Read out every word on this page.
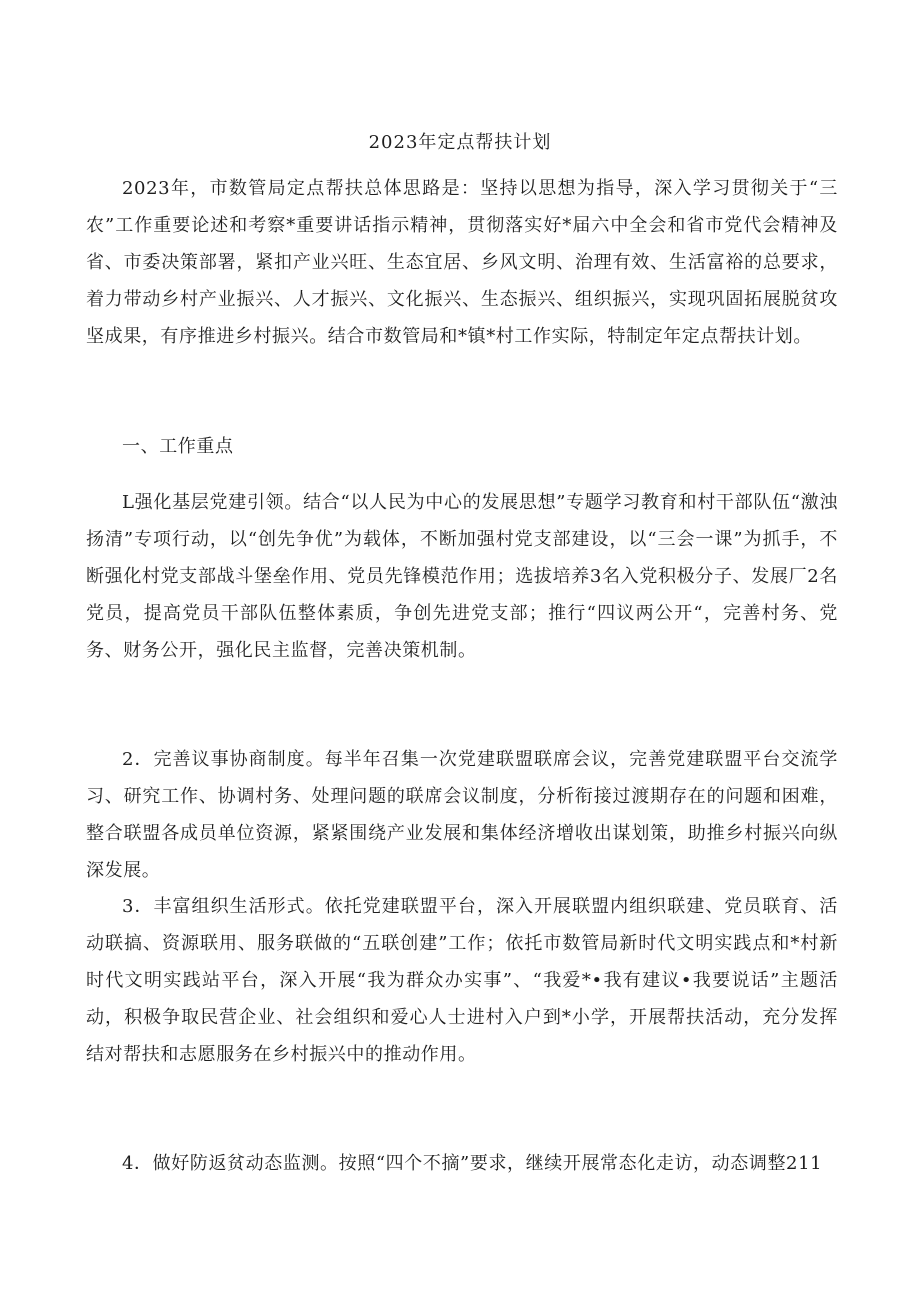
2023年定点帮扶计划

2023年，市数管局定点帮扶总体思路是：坚持以思想为指导，深入学习贯彻关于“三农”工作重要论述和考察*重要讲话指示精神，贯彻落实好*届六中全会和省市党代会精神及省、市委决策部署，紧扣产业兴旺、生态宜居、乡风文明、治理有效、生活富裕的总要求，着力带动乡村产业振兴、人才振兴、文化振兴、生态振兴、组织振兴，实现巩固拓展脱贫攻坚成果，有序推进乡村振兴。结合市数管局和*镇*村工作实际，特制定年定点帮扶计划。

一、工作重点

L强化基层党建引领。结合“以人民为中心的发展思想”专题学习教育和村干部队伍“激浊扬清”专项行动，以“创先争优”为载体，不断加强村党支部建设，以“三会一课”为抓手，不断强化村党支部战斗堡垒作用、党员先锋模范作用；选拔培养3名入党积极分子、发展厂2名党员，提高党员干部队伍整体素质，争创先进党支部；推行“四议两公开“，完善村务、党务、财务公开，强化民主监督，完善决策机制。

2．完善议事协商制度。每半年召集一次党建联盟联席会议，完善党建联盟平台交流学习、研究工作、协调村务、处理问题的联席会议制度，分析衔接过渡期存在的问题和困难，整合联盟各成员单位资源，紧紧围绕产业发展和集体经济增收出谋划策，助推乡村振兴向纵深发展。

3．丰富组织生活形式。依托党建联盟平台，深入开展联盟内组织联建、党员联育、活动联搞、资源联用、服务联做的“五联创建”工作；依托市数管局新时代文明实践点和*村新时代文明实践站平台，深入开展“我为群众办实事”、“我爱*•我有建议•我要说话”主题活动，积极争取民营企业、社会组织和爱心人士进村入户到*小学，开展帮扶活动，充分发挥结对帮扶和志愿服务在乡村振兴中的推动作用。

4．做好防返贫动态监测。按照“四个不摘”要求，继续开展常态化走访，动态调整211
